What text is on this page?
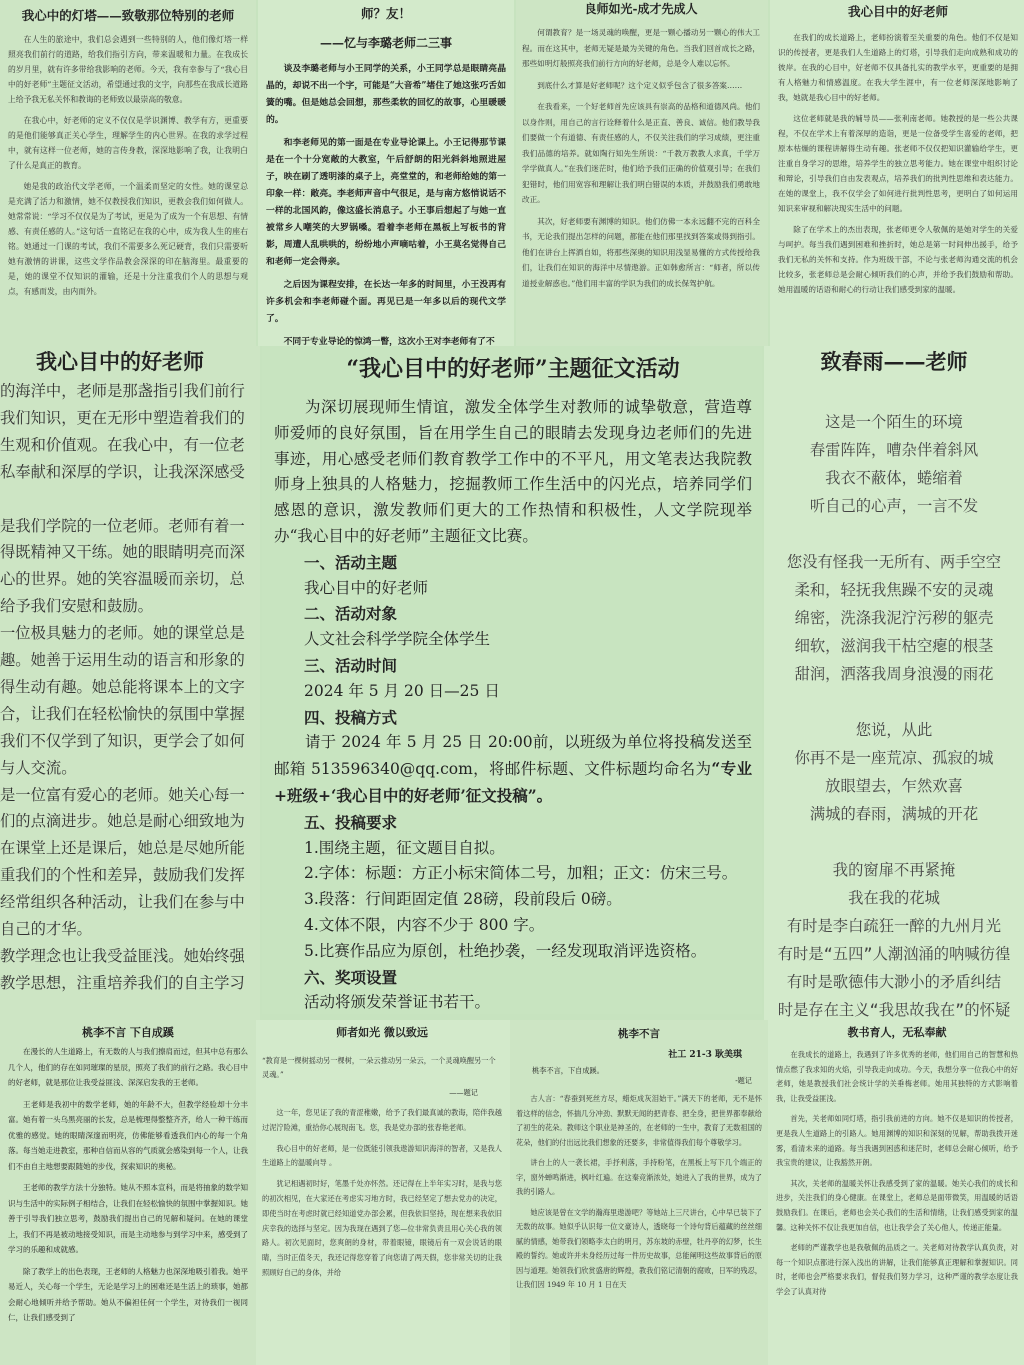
我心中的灯塔——致敬那位特别的老师

在人生的旅途中，我们总会遇到一些特别的人，他们像灯塔一样照亮我们前行的道路，给我们指引方向，带来温暖和力量。在我成长的岁月里，就有许多带给我影响的老师。今天，我有幸参与了“我心目中的好老师”主题征文活动，希望通过我的文字，向那些在我成长道路上给予我无私关怀和教诲的老师致以最崇高的敬意。

在我心中，好老师的定义不仅仅是学识渊博、教学有方，更重要的是他们能够真正关心学生，理解学生的内心世界。在我的求学过程中，就有这样一位老师，她的言传身教，深深地影响了我，让我明白了什么是真正的教育。

她是我的政治代文学老师，一个温柔而坚定的女性。她的课堂总是充满了活力和激情，她不仅教授我们知识，更教会我们如何做人。她常常说：“学习不仅仅是为了考试，更是为了成为一个有思想、有情感、有责任感的人。”这句话一直铭记在我的心中，成为我人生的座右铭。她通过一门课的考试，我们不需要多么死记硬背，我们只需要听她有激情的讲课，这些文学作品教会深深的印在脑海里。最重要的是，她的课堂不仅知识的灌输，还是十分注重我们个人的思想与观点，有感而发，由内而外。

师？友！
——忆与李璐老师二三事

谈及李璐老师与小王同学的关系，小王同学总是眼睛亮晶晶的，却说不出一个字，可能是“大音希”堵住了她这张巧舌如簧的嘴。但是她总会回想，那些柔软的回忆的故事，心里暖暖的。

和李老师见的第一面是在专业导论课上。小王记得那节课是在一个十分宽敞的大教室，午后舒朗的阳光斜斜地照进屋子，映在刷了透明漆的桌子上，亮堂堂的，和老师给她的第一印象一样：敞亮。李老师声音中气很足，是与南方悠悄说话不一样的北国风韵，像这盛长消息子。小王事后想起了与她一直被常乡人嘲笑的大罗锅嗓。看着李老师在黑板上写板书的背影，周遭人乱哄哄的，纷纷地小声嘀咕着，小王莫名觉得自己和老师一定会得亲。

之后因为课程安排，在长达一年多的时间里，小王没再有许多机会和李老师碰个面。再见已是一年多以后的现代文学了。

不同于专业导论的惊鸿一瞥，这次小王对李老师有了不

良师如光-成才先成人

何谓教育？是一场灵魂的唤醒，更是一颗心播动另一颗心的伟大工程。而在这其中，老师无疑是最为关键的角色。当我们回首成长之路，那些如明灯般照亮我们前行方向的好老师，总是令人难以忘怀。

到底什么才算是好老师呢？这个定义似乎包含了很多答案……

在我看来，一个好老师首先应该具有崇高的品格和道德风尚。他们以身作则，用自己的言行诠释着什么是正直、善良、诚信。他们教导我们要做一个有道德、有责任感的人，不仅关注我们的学习成绩，更注重我们品德的培养。就如陶行知先生所说：“千教万教教人求真，千学万学学做真人。”在我们迷茫时，他们给予我们正确的价值观引导；在我们犯错时，他们用宽容和理解让我们明白错误的本质，并鼓励我们勇敢地改正。

其次，好老师要有渊博的知识。他们仿佛一本永远翻不完的百科全书，无论我们提出怎样的问题，都能在他们那里找到答案或得到指引。他们在讲台上挥洒自如，将那些深奥的知识用浅显易懂的方式传授给我们，让我们在知识的海洋中尽情遨游。正如韩愈所言：“师者，所以传道授业解惑也。”他们用丰富的学识为我们的成长保驾护航。

我心目中的好老师

在我们的成长道路上，老师扮演着至关重要的角色。他们不仅是知识的传授者，更是我们人生道路上的灯塔，引导我们走向成熟和成功的彼岸。在我的心目中，好老师不仅具备扎实的教学水平，更重要的是拥有人格魅力和情感温度。在我大学生涯中，有一位老师深深地影响了我，她就是我心目中的好老师。

这位老师就是我的辅导员——张利南老师。她教授的是一些公共课程，不仅在学术上有着深厚的造诣，更是一位备受学生喜爱的老师，把原本枯燥的课程讲解得生动有趣。张老师不仅仅把知识灌输给学生，更注重自身学习的思维，培养学生的独立思考能力。她在课堂中组织讨论和辩论，引导我们自由发表观点，培养我们的批判性思维和表达能力。在她的课堂上，我不仅学会了如何进行批判性思考，更明白了如何运用知识来审视和解决现实生活中的问题。

除了在学术上的杰出表现，张老师更令人敬佩的是她对学生的关爱与呵护。每当我们遇到困难和挫折时，她总是第一时间伸出援手，给予我们无私的关怀和支持。作为班级干部，不论与张老师沟通交流的机会比较多，张老师总是会耐心倾听我们的心声，并给予我们鼓励和帮助。她用温暖的话语和耐心的行动让我们感受到家的温暖。

我心目中的好老师
的海洋中，老师是那盏指引我们前行
我们知识，更在无形中塑造着我们的
生观和价值观。在我心中，有一位老
私奉献和深厚的学识，让我深深感受
是我们学院的一位老师。老师有着一
得既精神又干练。她的眼睛明亮而深
心的世界。她的笑容温暖而亲切，总
给予我们安慰和鼓励。
一位极具魅力的老师。她的课堂总是
趣。她善于运用生动的语言和形象的
得生动有趣。她总能将课本上的文字
合，让我们在轻松愉快的氛围中掌握
我们不仅学到了知识，更学会了如何
与人交流。
是一位富有爱心的老师。她关心每一
们的点滴进步。她总是耐心细致地为
在课堂上还是课后，她总是尽她所能
重我们的个性和差异，鼓励我们发挥
经常组织各种活动，让我们在参与中
自己的才华。
教学理念也让我受益匪浅。她始终强
教学思想，注重培养我们的自主学习
“我心目中的好老师”主题征文活动

为深切展现师生情谊，激发全体学生对教师的诚挚敬意，营造尊师爱师的良好氛围，旨在用学生自己的眼睛去发现身边老师们的先进事迹，用心感受老师们教育教学工作中的不平凡，用文笔表达我院教师身上独具的人格魅力，挖掘教师工作生活中的闪光点，培养同学们感恩的意识，激发教师们更大的工作热情和积极性，人文学院现举办“我心目中的好老师”主题征文比赛。

一、活动主题

我心目中的好老师

二、活动对象

人文社会科学学院全体学生

三、活动时间

2024 年 5 月 20 日—25 日

四、投稿方式

请于 2024 年 5 月 25 日 20:00前，以班级为单位将投稿发送至邮箱 513596340@qq.com，将邮件标题、文件标题均命名为“专业+班级+‘我心目中的好老师’征文投稿”。

五、投稿要求

1.围绕主题，征文题目自拟。

2.字体：标题：方正小标宋简体二号，加粗；正文：仿宋三号。

3.段落：行间距固定值 28磅，段前段后 0磅。

4.文体不限，内容不少于 800 字。

5.比赛作品应为原创，杜绝抄袭，一经发现取消评选资格。

六、奖项设置

活动将颁发荣誉证书若干。

致春雨——老师
这是一个陌生的环境
春雷阵阵，嘈杂伴着斜风
我衣不蔽体，蜷缩着
听自己的心声，一言不发
您没有怪我一无所有、两手空空
柔和，轻抚我焦躁不安的灵魂
绵密，洗涤我泥泞污秽的躯壳
细软，滋润我干枯空瘪的根茎
甜润，洒落我周身浪漫的雨花
您说，从此
你再不是一座荒凉、孤寂的城
放眼望去，乍然欢喜
满城的春雨，满城的开花
我的窗扉不再紧掩
我在我的花城
有时是李白疏狂一醉的九州月光
有时是“五四”人潮汹涌的呐喊彷徨
有时是歌德伟大渺小的矛盾纠结
时是存在主义“我思故我在”的怀疑
桃李不言 下自成蹊

在漫长的人生道路上，有无数的人与我们擦肩而过，但其中总有那么几个人，他们的存在如同璀璨的星辰，照亮了我们的前行之路。我心目中的好老师，就是那位让我受益匪浅、深深启发我的王老师。

王老师是我初中的数学老师，她的年龄不大，但教学经验却十分丰富。她有着一头乌黑亮丽的长发，总是梳理得整整齐齐，给人一种干练而优雅的感觉。她的眼睛深邃而明亮，仿佛能够看透我们内心的每一个角落。每当她走进教室，那种自信而从容的气质就会感染到每一个人，让我们不由自主地想要跟随她的步伐，探索知识的奥秘。

王老师的教学方法十分独特。她从不照本宣科，而是将抽象的数学知识与生活中的实际例子相结合，让我们在轻松愉快的氛围中掌握知识。她善于引导我们独立思考，鼓励我们提出自己的见解和疑问。在她的课堂上，我们不再是被动地接受知识，而是主动地参与到学习中来，感受到了学习的乐趣和成就感。

除了教学上的出色表现，王老师的人格魅力也深深地吸引着我。她平易近人，关心每一个学生，无论是学习上的困难还是生活上的琐事，她都会耐心地倾听并给予帮助。她从不偏袒任何一个学生，对待我们一视同仁，让我们感受到了

师者如光 微以致远
“教育是一棵树摇动另一棵树，一朵云推动另一朵云，一个灵魂唤醒另一个灵魂。”
——题记

这一年，您见证了我的青涩稚嫩，给予了我们最真诚的教诲，陪伴我越过泥泞险滩，重拾你心展现南飞。您，我是党办部的张春艳老师。

我心目中的好老师，是一位既能引领我遨游知识海洋的智者，又是我人生道路上的温暖向导 。

犹记相遇初时好，笔墨千处亦怀然。还记得在上半年实习时，是我与您的初次相见，在大家还在考虑实习地方时，我已经坚定了想去党办的决定，即使当时在考虑时就已经知道党办部会累，但我依旧坚持，现在想来我依旧庆幸我的选择与坚定。因为我现在遇到了您—位非常负责且用心关心我的领路人。初次见面时，您爽朗的身材，带着眼镜，眼镜后有一双会说话的眼睛，当时正值冬天，我还记得您穿着了向您请了两天假，您非常关切的让我照顾好自己的身体，并给

桃李不言
社工 21-3 耿美琪
桃李不言，下自成蹊。
-题记

古人言：“春蚕到死丝方尽，蜡炬成灰泪始干。”满天下的老师，无不是怀着这样的信念，怀揣几分冲劲、默默无闻的把青春、把全身，把世界都奉献给了初生的花朵。教师这个职业是神圣的，在老师的一生中，教育了无数祖国的花朵，他们的付出远比我们想象的还要多，非常值得我们每个尊敬学习。

讲台上的人一袭长裙，手抒利落，手持粉笔，在黑板上写下几个端正的字，窗外蝉鸣渐进，枫叶红遍。在这秦竞渐浓处，她进入了我的世界，成为了我的引路人。

她应该是曾在文学的瀚海里遨游吧？等她站上三尺讲台，心中早已装下了无数的故事。她似乎认识每一位文豪诗人，透晓每一个诗句背后蕴藏的丝丝细腻的情感，她带我们领略李太白的明月，苏东坡的赤壁，牡丹亭的幻梦，长生殿的誓约。她或许并未身经历过每一件历史故事，总能阐明这些故事背后的原因与道理。她领我们欣赏盛唐的辉煌，教我们铭记清朝的腐败，日军的残忍，让我们因 1949 年 10 月 1 日在天

教书育人，无私奉献

在我成长的道路上，我遇到了许多优秀的老师，他们用自己的智慧和热情点燃了我求知的火焰，引导我走向成功。今天，我想分享一位我心中的好老师，她是教授我们社会统计学的关垂梅老师。她用其独特的方式影响着我，让我受益匪浅。

首先，关老师如同灯塔，指引我前进的方向。她不仅是知识的传授者，更是我人生道路上的引路人。她用渊博的知识和深刻的见解，帮助我拨开迷雾，看清未来的道路。每当我遇到困惑和迷茫时，老师总会耐心倾听，给予我宝贵的建议，让我豁然开朗。

其次，关老师的温暖关怀让我感受到了家的温暖。她关心我们的成长和进步，关注我们的身心健康。在课堂上，老师总是面带微笑，用温暖的话语鼓励我们。在课后，老师也会关心我们的生活和情绪，让我们感受到家的温馨。这种关怀不仅让我更加自信，也让我学会了关心他人，传递正能量。

老师的严谨教学也是我敬佩的品质之一。关老师对待教学认真负责，对每一个知识点都进行深入浅出的讲解，让我们能够真正理解和掌握知识。同时，老师也会严格要求我们，督促我们努力学习，这种严谨的教学态度让我学会了认真对待
